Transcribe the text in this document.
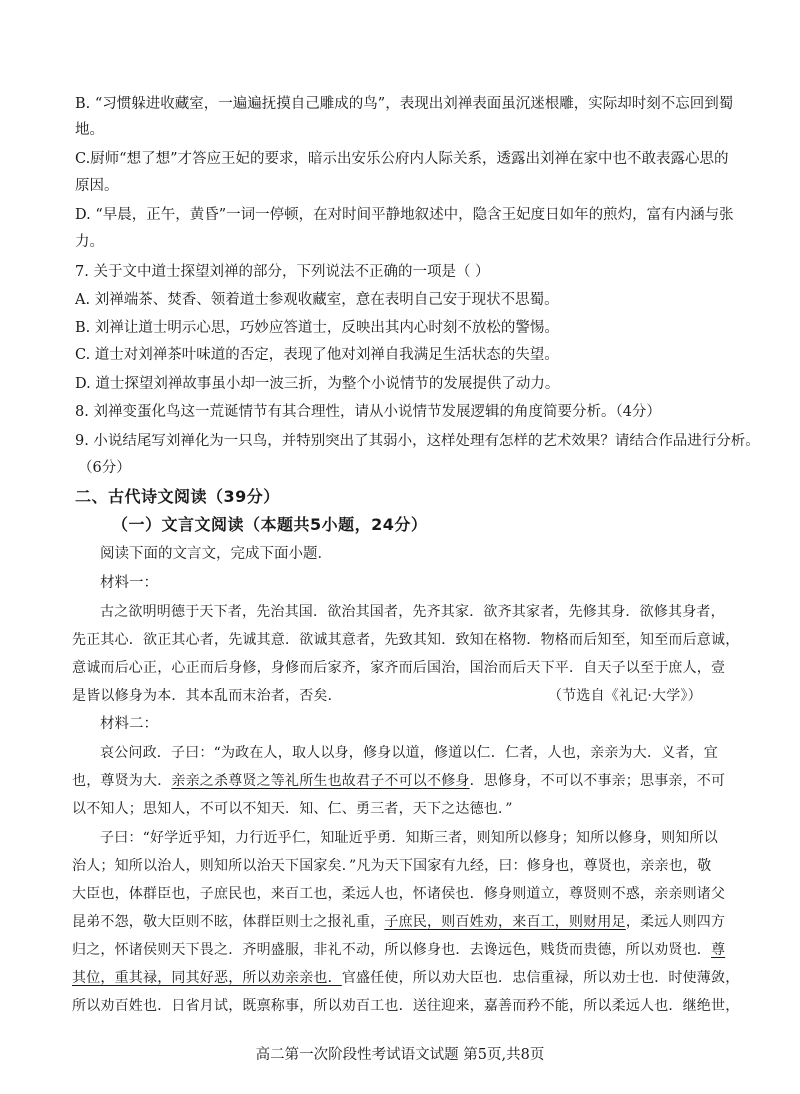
B. “习惯躲进收藏室，一遍遍抚摸自己雕成的鸟”，表现出刘禅表面虽沉迷根雕，实际却时刻不忘回到蜀
地。
C.厨师“想了想”才答应王妃的要求，暗示出安乐公府内人际关系，透露出刘禅在家中也不敢表露心思的
原因。
D. “早晨，正午，黄昏”一词一停顿，在对时间平静地叙述中，隐含王妃度日如年的煎灼，富有内涵与张
力。
7. 关于文中道士探望刘禅的部分，下列说法不正确的一项是（ ）
A. 刘禅端茶、焚香、领着道士参观收藏室，意在表明自己安于现状不思蜀。
B. 刘禅让道士明示心思，巧妙应答道士，反映出其内心时刻不放松的警惕。
C. 道士对刘禅茶叶味道的否定，表现了他对刘禅自我满足生活状态的失望。
D. 道士探望刘禅故事虽小却一波三折，为整个小说情节的发展提供了动力。
8. 刘禅变蛋化鸟这一荒诞情节有其合理性，请从小说情节发展逻辑的角度简要分析。（4分）
9. 小说结尾写刘禅化为一只鸟，并特别突出了其弱小，这样处理有怎样的艺术效果？请结合作品进行分析。
（6分）
二、古代诗文阅读（39分）
（一）文言文阅读（本题共5小题，24分）
阅读下面的文言文，完成下面小题．
材料一：
古之欲明明德于天下者，先治其国．欲治其国者，先齐其家．欲齐其家者，先修其身．欲修其身者，
先正其心．欲正其心者，先诚其意．欲诚其意者，先致其知．致知在格物．物格而后知至，知至而后意诚，
意诚而后心正，心正而后身修，身修而后家齐，家齐而后国治，国治而后天下平．自天子以至于庶人，壹
是皆以修身为本．其本乱而末治者，否矣．	（节选自《礼记·大学》）
材料二：
哀公问政．子曰：“为政在人，取人以身，修身以道，修道以仁．仁者，人也，亲亲为大．义者，宜
也，尊贤为大．亲亲之杀尊贤之等礼所生也故君子不可以不修身．思修身，不可以不事亲；思事亲，不可
以不知人；思知人，不可以不知天．知、仁、勇三者，天下之达德也．”
子曰：“好学近乎知，力行近乎仁，知耻近乎勇．知斯三者，则知所以修身；知所以修身，则知所以
治人；知所以治人，则知所以治天下国家矣．”凡为天下国家有九经，曰：修身也，尊贤也，亲亲也，敬
大臣也，体群臣也，子庶民也，来百工也，柔远人也，怀诸侯也．修身则道立，尊贤则不惑，亲亲则诸父
昆弟不怨，敬大臣则不眩，体群臣则士之报礼重，子庶民，则百姓劝，来百工，则财用足，柔远人则四方
归之，怀诸侯则天下畏之．齐明盛服，非礼不动，所以修身也．去谗远色，贱货而贵德，所以劝贤也．尊
其位，重其禄，同其好恶，所以劝亲亲也．官盛任使，所以劝大臣也．忠信重禄，所以劝士也．时使薄敛，
所以劝百姓也．日省月试，既禀称事，所以劝百工也．送往迎来，嘉善而矜不能，所以柔远人也．继绝世，
高二第一次阶段性考试语文试题 第5页,共8页
